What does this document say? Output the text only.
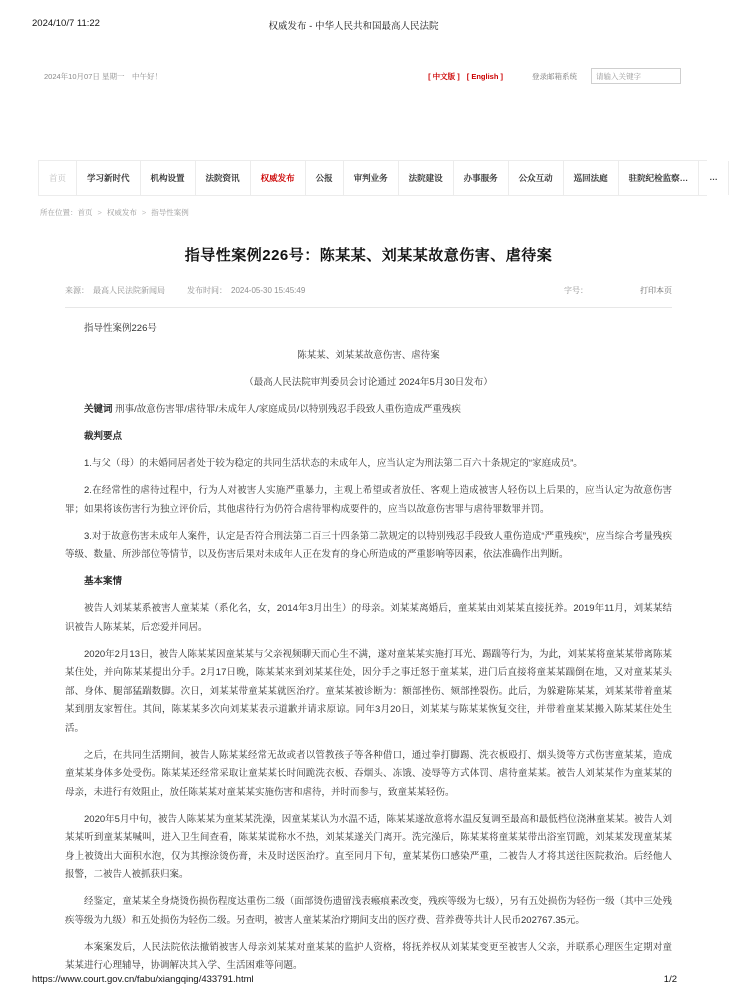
2024/10/7 11:22	权威发布 - 中华人民共和国最高人民法院
2024年10月07日 星期一　中午好！	[ 中文版 ] [ English ]	登录邮箱系统
请输入关键字
首页	学习新时代	机构设置	法院资讯	权威发布	公报	审判业务	法院建设	办事服务	公众互动	巡回法庭	驻院纪检监察…	…
所在位置：首页 > 权威发布 > 指导性案例
指导性案例226号：陈某某、刘某某故意伤害、虐待案
来源： 最高人民法院新闻局	发布时间： 2024-05-30 15:45:49	字号：	打印本页

指导性案例226号

陈某某、刘某某故意伤害、虐待案

（最高人民法院审判委员会讨论通过 2024年5月30日发布）

关键词 刑事/故意伤害罪/虐待罪/未成年人/家庭成员/以特别残忍手段致人重伤造成严重残疾

裁判要点

1.与父（母）的未婚同居者处于较为稳定的共同生活状态的未成年人，应当认定为刑法第二百六十条规定的“家庭成员”。

2.在经常性的虐待过程中，行为人对被害人实施严重暴力，主观上希望或者放任、客观上造成被害人轻伤以上后果的，应当认定为故意伤害罪；如果将该伤害行为独立评价后，其他虐待行为仍符合虐待罪构成要件的，应当以故意伤害罪与虐待罪数罪并罚。

3.对于故意伤害未成年人案件，认定是否符合刑法第二百三十四条第二款规定的以特别残忍手段致人重伤造成“严重残疾”，应当综合考量残疾等级、数量、所涉部位等情节，以及伤害后果对未成年人正在发育的身心所造成的严重影响等因素，依法准确作出判断。

基本案情

被告人刘某某系被害人童某某（系化名，女，2014年3月出生）的母亲。刘某某离婚后，童某某由刘某某直接抚养。2019年11月，刘某某结识被告人陈某某，后恋爱并同居。

2020年2月13日，被告人陈某某因童某某与父亲视频聊天而心生不满，遂对童某某实施打耳光、踢踹等行为，为此，刘某某将童某某带离陈某某住处，并向陈某某提出分手。2月17日晚，陈某某来到刘某某住处，因分手之事迁怒于童某某，进门后直接将童某某踹倒在地，又对童某某头部、身体、腿部猛踹数脚。次日，刘某某带童某某就医治疗。童某某被诊断为：额部挫伤、颏部挫裂伤。此后，为躲避陈某某，刘某某带着童某某到朋友家暂住。其间，陈某某多次向刘某某表示道歉并请求原谅。同年3月20日，刘某某与陈某某恢复交往，并带着童某某搬入陈某某住处生活。

之后，在共同生活期间，被告人陈某某经常无故或者以管教孩子等各种借口，通过拳打脚踢、洗衣板殴打、烟头烫等方式伤害童某某，造成童某某身体多处受伤。陈某某还经常采取让童某某长时间跪洗衣板、吞烟头、冻饿、凌辱等方式体罚、虐待童某某。被告人刘某某作为童某某的母亲，未进行有效阻止，放任陈某某对童某某实施伤害和虐待，并时而参与，致童某某轻伤。

2020年5月中旬，被告人陈某某为童某某洗澡，因童某某认为水温不适，陈某某遂故意将水温反复调至最高和最低档位浇淋童某某。被告人刘某某听到童某某喊叫，进入卫生间查看，陈某某谎称水不热，刘某某遂关门离开。洗完澡后，陈某某将童某某带出浴室罚跪，刘某某发现童某某身上被烫出大面积水泡，仅为其擦涂烫伤膏，未及时送医治疗。直至同月下旬，童某某伤口感染严重，二被告人才将其送往医院救治。后经他人报警，二被告人被抓获归案。

经鉴定，童某某全身烧烫伤损伤程度达重伤二级（面部烫伤遗留浅表瘢痕素改变，残疾等级为七级），另有五处损伤为轻伤一级（其中三处残疾等级为九级）和五处损伤为轻伤二级。另查明，被害人童某某治疗期间支出的医疗费、营养费等共计人民币202767.35元。

本案案发后，人民法院依法撤销被害人母亲刘某某对童某某的监护人资格，将抚养权从刘某某变更至被害人父亲，并联系心理医生定期对童某某进行心理辅导，协调解决其入学、生活困难等问题。

https://www.court.gov.cn/fabu/xiangqing/433791.html	1/2
